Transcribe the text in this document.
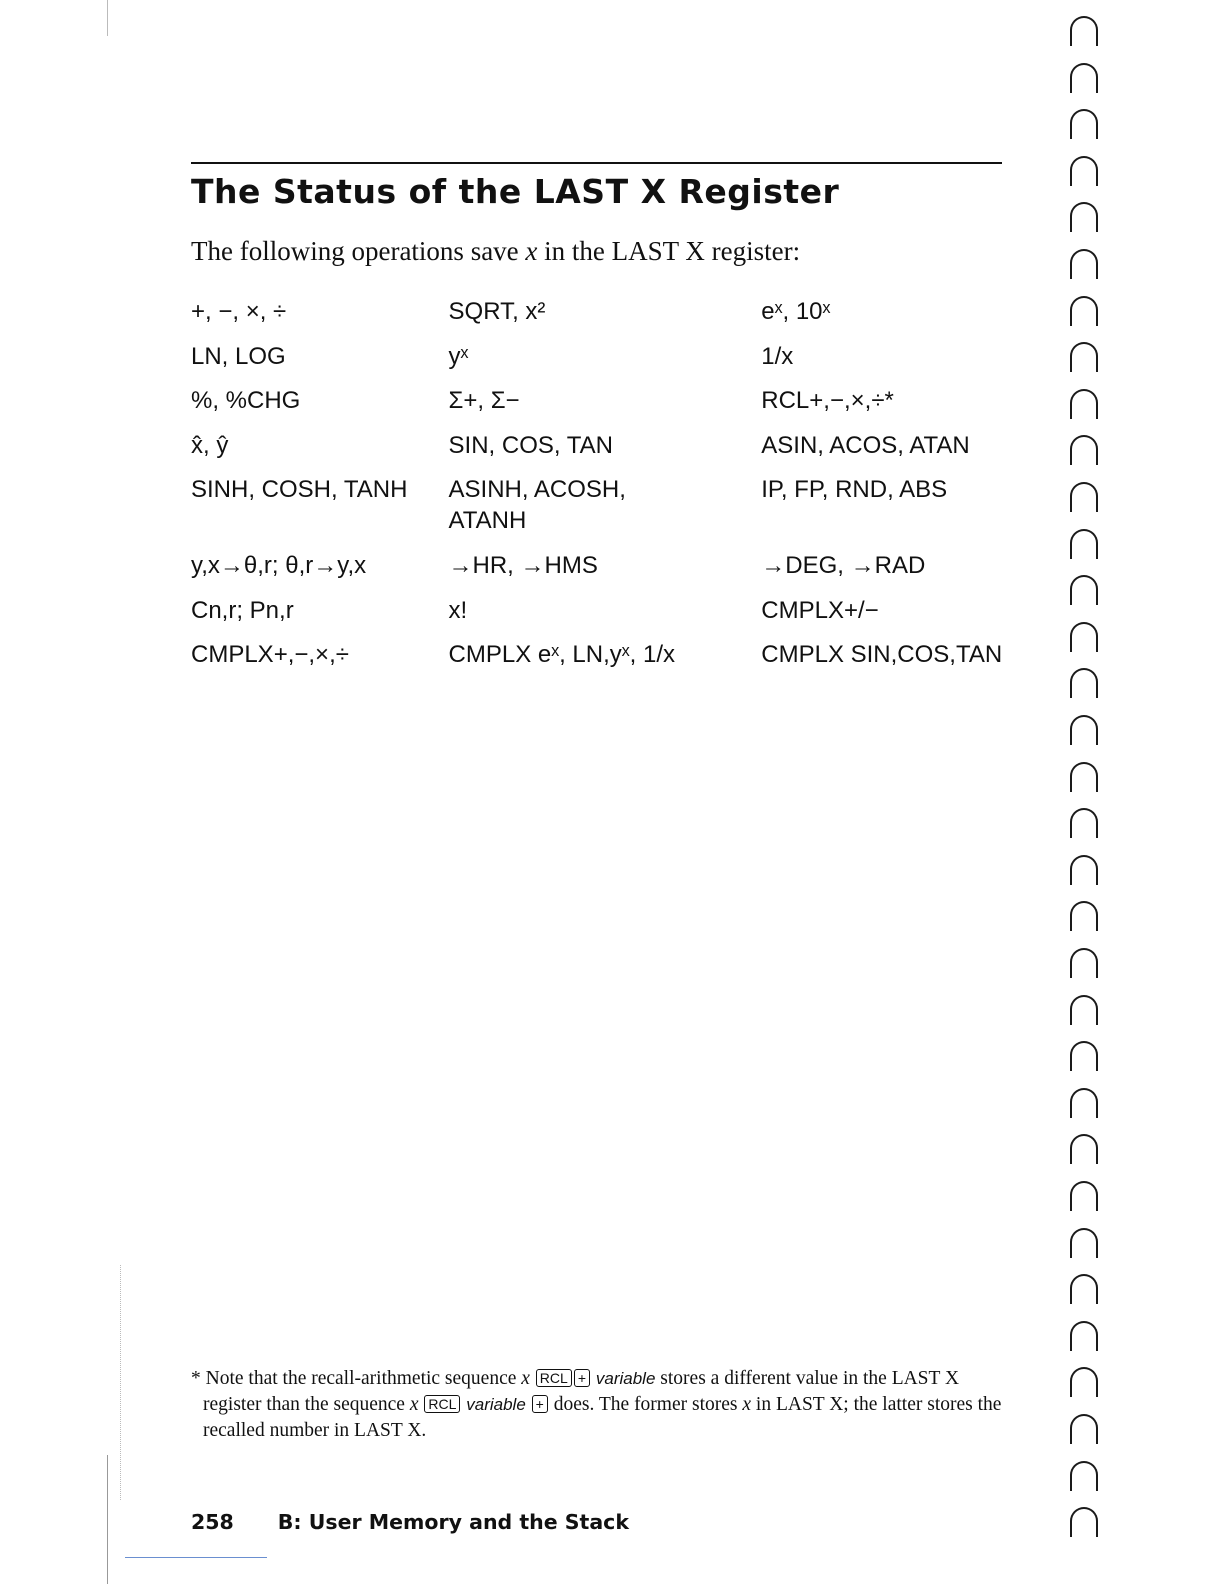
The Status of the LAST X Register

The following operations save x in the LAST X register:

+, −, ×, ÷	SQRT, x²	eˣ, 10ˣ
LN, LOG	yˣ	1/x
%, %CHG	Σ+, Σ−	RCL+,−,×,÷*
x̂, ŷ	SIN, COS, TAN	ASIN, ACOS, ATAN
SINH, COSH, TANH	ASINH, ACOSH, ATANH	IP, FP, RND, ABS
y,x→θ,r; θ,r→y,x	→HR, →HMS	→DEG, →RAD
Cn,r; Pn,r	x!	CMPLX+/−
CMPLX+,−,×,÷	CMPLX eˣ, LN,yˣ, 1/x	CMPLX SIN,COS,TAN

* Note that the recall-arithmetic sequence x RCL + variable stores a different value in the LAST X register than the sequence x RCL variable + does. The former stores x in LAST X; the latter stores the recalled number in LAST X.

258 B: User Memory and the Stack
